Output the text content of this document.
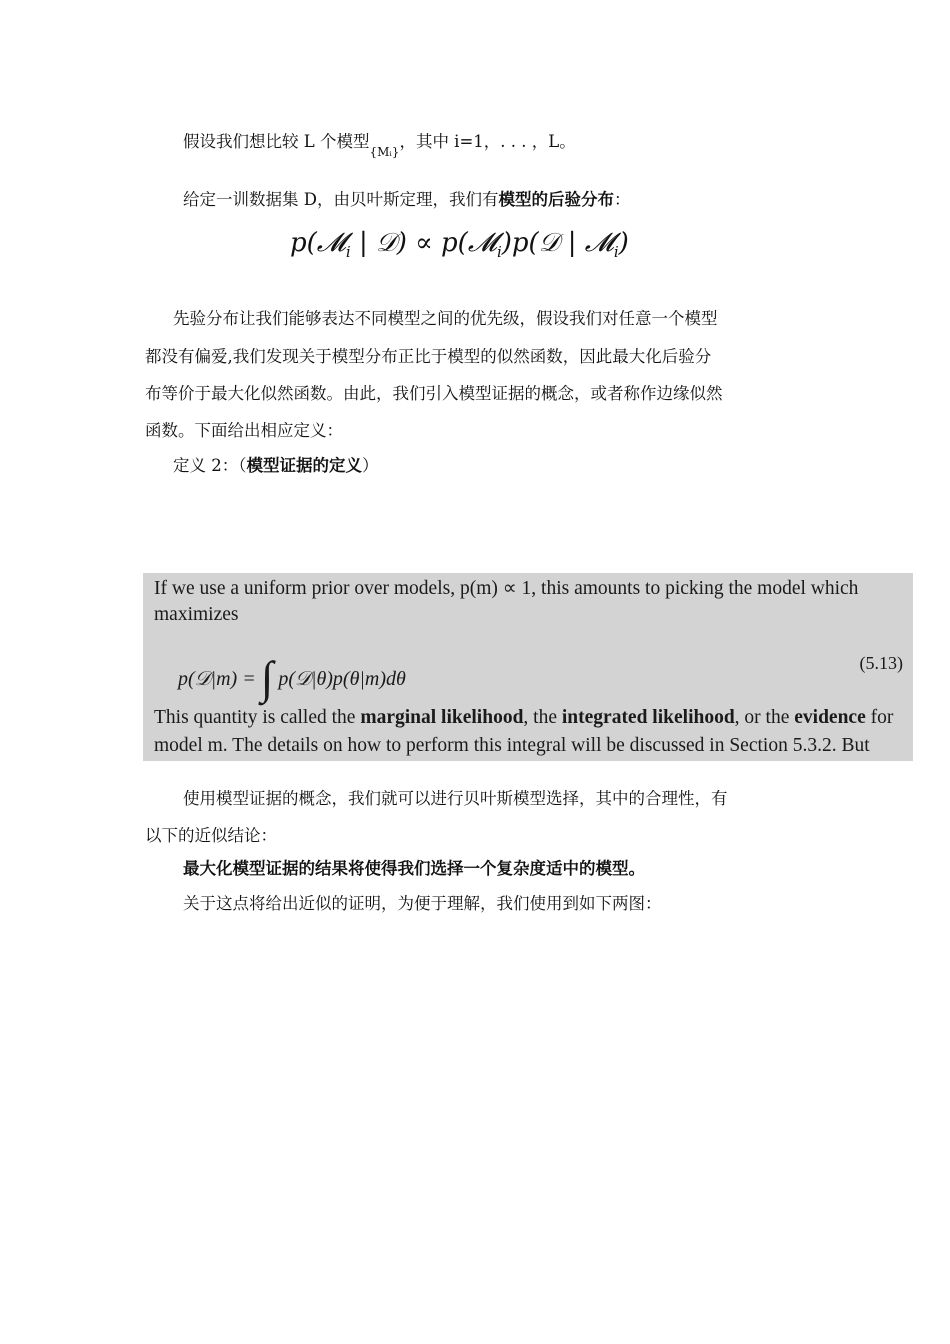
假设我们想比较 L 个模型$_{\{Mᵢ\}}$，其中 i=1，. . . ，L。
给定一训数据集 D，由贝叶斯定理，我们有模型的后验分布：
p(𝓜$_i$ | 𝒟) ∝ p(𝓜$_i$)p(𝒟 | 𝓜$_i$)
先验分布让我们能够表达不同模型之间的优先级，假设我们对任意一个模型
都没有偏爱,我们发现关于模型分布正比于模型的似然函数，因此最大化后验分
布等价于最大化似然函数。由此，我们引入模型证据的概念，或者称作边缘似然
函数。下面给出相应定义：
定义 2：（模型证据的定义）
If we use a uniform prior over models, p(m) ∝ 1, this amounts to picking the model which
maximizes
p(𝒟|m) = ∫ p(𝒟|θ)p(θ|m)dθ
(5.13)
This quantity is called the marginal likelihood, the integrated likelihood, or the evidence for
model m. The details on how to perform this integral will be discussed in Section 5.3.2. But
使用模型证据的概念，我们就可以进行贝叶斯模型选择，其中的合理性，有
以下的近似结论：
最大化模型证据的结果将使得我们选择一个复杂度适中的模型。
关于这点将给出近似的证明，为便于理解，我们使用到如下两图：
